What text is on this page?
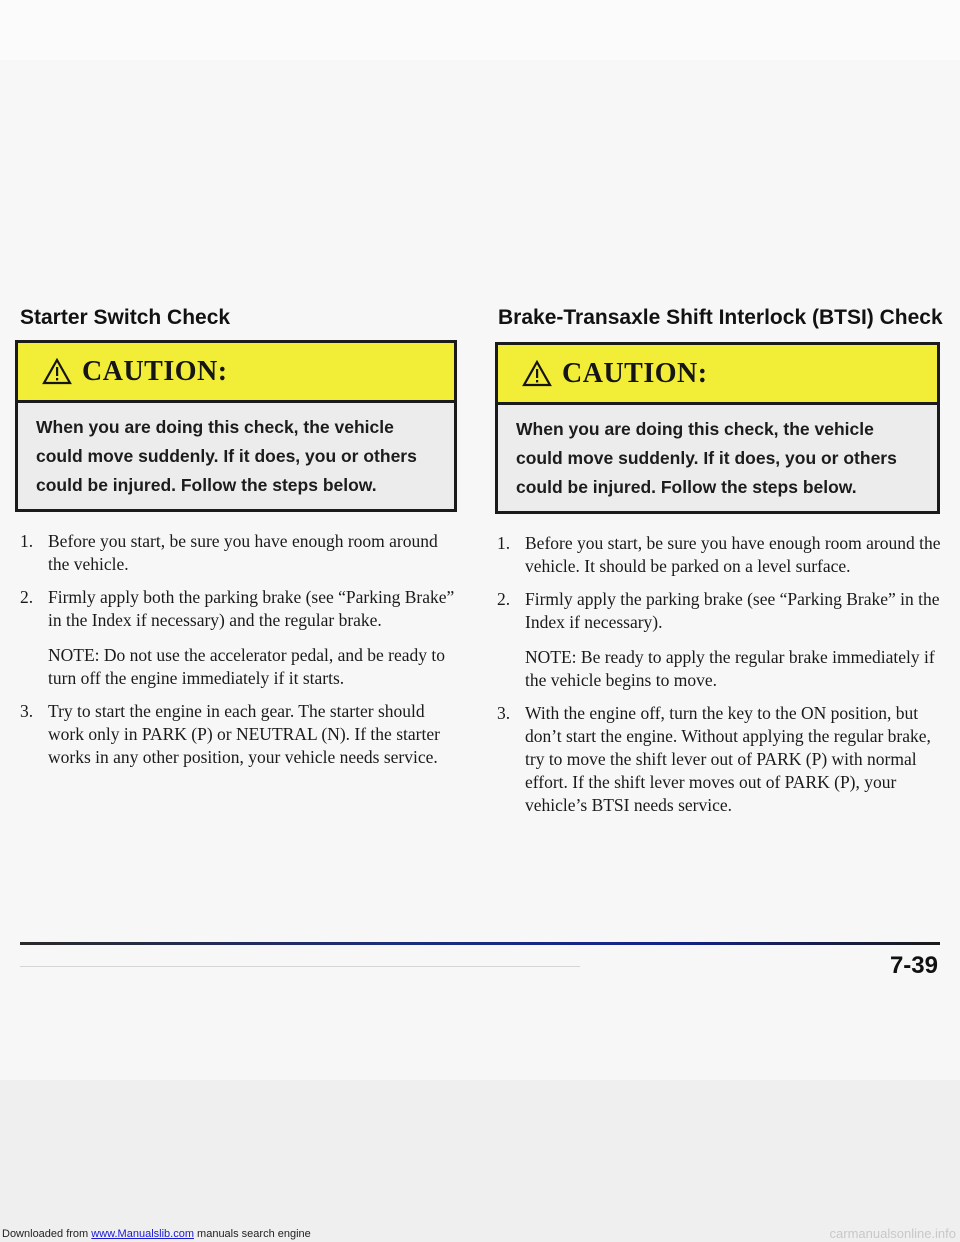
Starter Switch Check
CAUTION:
When you are doing this check, the vehicle could move suddenly. If it does, you or others could be injured. Follow the steps below.
1. Before you start, be sure you have enough room around the vehicle.
2. Firmly apply both the parking brake (see “Parking Brake” in the Index if necessary) and the regular brake.
NOTE: Do not use the accelerator pedal, and be ready to turn off the engine immediately if it starts.
3. Try to start the engine in each gear. The starter should work only in PARK (P) or NEUTRAL (N). If the starter works in any other position, your vehicle needs service.
Brake-Transaxle Shift Interlock (BTSI) Check
CAUTION:
When you are doing this check, the vehicle could move suddenly. If it does, you or others could be injured. Follow the steps below.
1. Before you start, be sure you have enough room around the vehicle. It should be parked on a level surface.
2. Firmly apply the parking brake (see “Parking Brake” in the Index if necessary).
NOTE: Be ready to apply the regular brake immediately if the vehicle begins to move.
3. With the engine off, turn the key to the ON position, but don’t start the engine. Without applying the regular brake, try to move the shift lever out of PARK (P) with normal effort. If the shift lever moves out of PARK (P), your vehicle’s BTSI needs service.
7-39
Downloaded from www.Manualslib.com manuals search engine	carmanualsonline.info
